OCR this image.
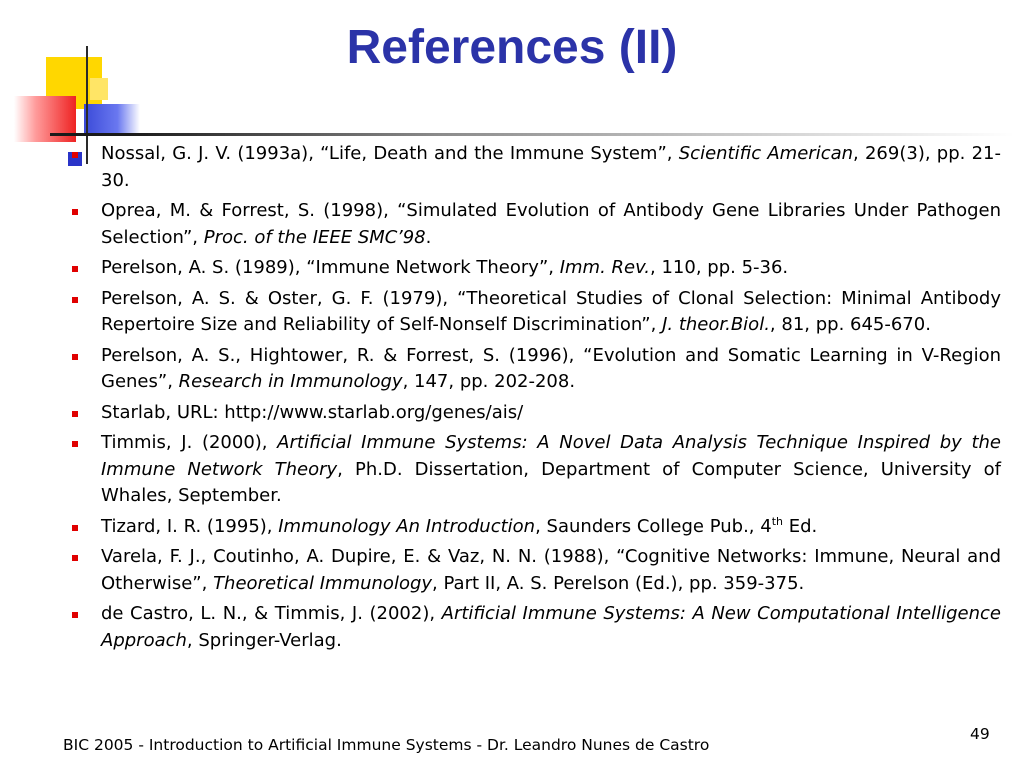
References (II)
Nossal, G. J. V. (1993a), “Life, Death and the Immune System”, Scientific American, 269(3), pp. 21-30.
Oprea, M. & Forrest, S. (1998), “Simulated Evolution of Antibody Gene Libraries Under Pathogen Selection”, Proc. of the IEEE SMC’98.
Perelson, A. S. (1989), “Immune Network Theory”, Imm. Rev., 110, pp. 5-36.
Perelson, A. S. & Oster, G. F. (1979), “Theoretical Studies of Clonal Selection: Minimal Antibody Repertoire Size and Reliability of Self-Nonself Discrimination”, J. theor.Biol., 81, pp. 645-670.
Perelson, A. S., Hightower, R. & Forrest, S. (1996), “Evolution and Somatic Learning in V-Region Genes”, Research in Immunology, 147, pp. 202-208.
Starlab, URL: http://www.starlab.org/genes/ais/
Timmis, J. (2000), Artificial Immune Systems: A Novel Data Analysis Technique Inspired by the Immune Network Theory, Ph.D. Dissertation, Department of Computer Science, University of Whales, September.
Tizard, I. R. (1995), Immunology An Introduction, Saunders College Pub., 4th Ed.
Varela, F. J., Coutinho, A. Dupire, E. & Vaz, N. N. (1988), “Cognitive Networks: Immune, Neural and Otherwise”, Theoretical Immunology, Part II, A. S. Perelson (Ed.), pp. 359-375.
de Castro, L. N., & Timmis, J. (2002), Artificial Immune Systems: A New Computational Intelligence Approach, Springer-Verlag.
BIC 2005 - Introduction to Artificial Immune Systems - Dr. Leandro Nunes de Castro
49
